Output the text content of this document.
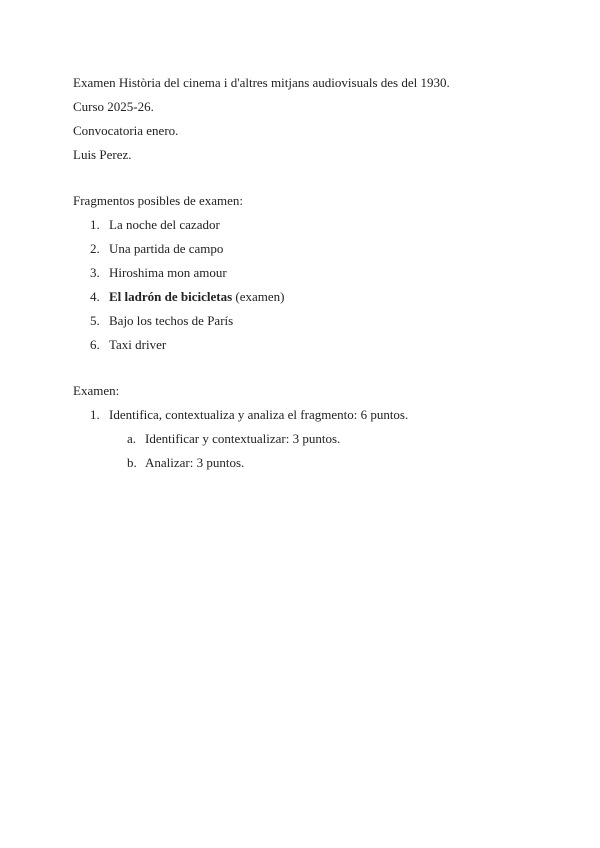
Examen Història del cinema i d'altres mitjans audiovisuals des del 1930.
Curso 2025-26.
Convocatoria enero.
Luis Perez.
Fragmentos posibles de examen:
1. La noche del cazador
2. Una partida de campo
3. Hiroshima mon amour
4. El ladrón de bicicletas (examen)
5. Bajo los techos de París
6. Taxi driver
Examen:
1. Identifica, contextualiza y analiza el fragmento: 6 puntos.
a. Identificar y contextualizar: 3 puntos.
b. Analizar: 3 puntos.
